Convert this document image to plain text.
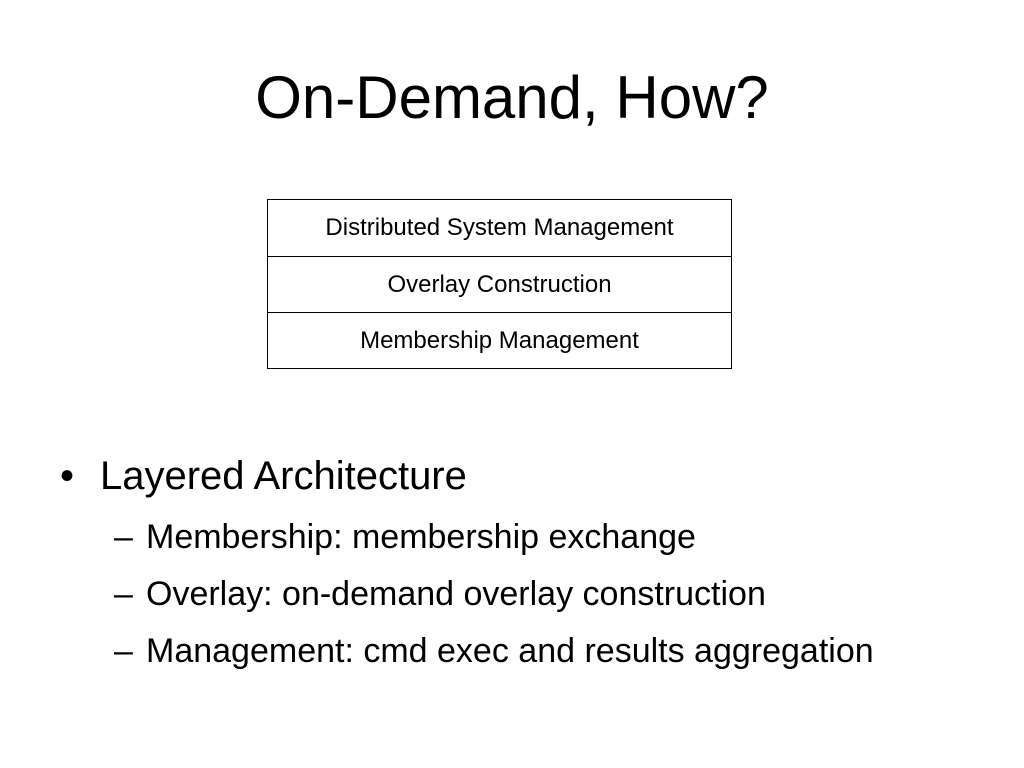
On-Demand, How?
Distributed System Management
Overlay Construction
Membership Management
• Layered Architecture
– Membership: membership exchange
– Overlay: on-demand overlay construction
– Management: cmd exec and results aggregation
